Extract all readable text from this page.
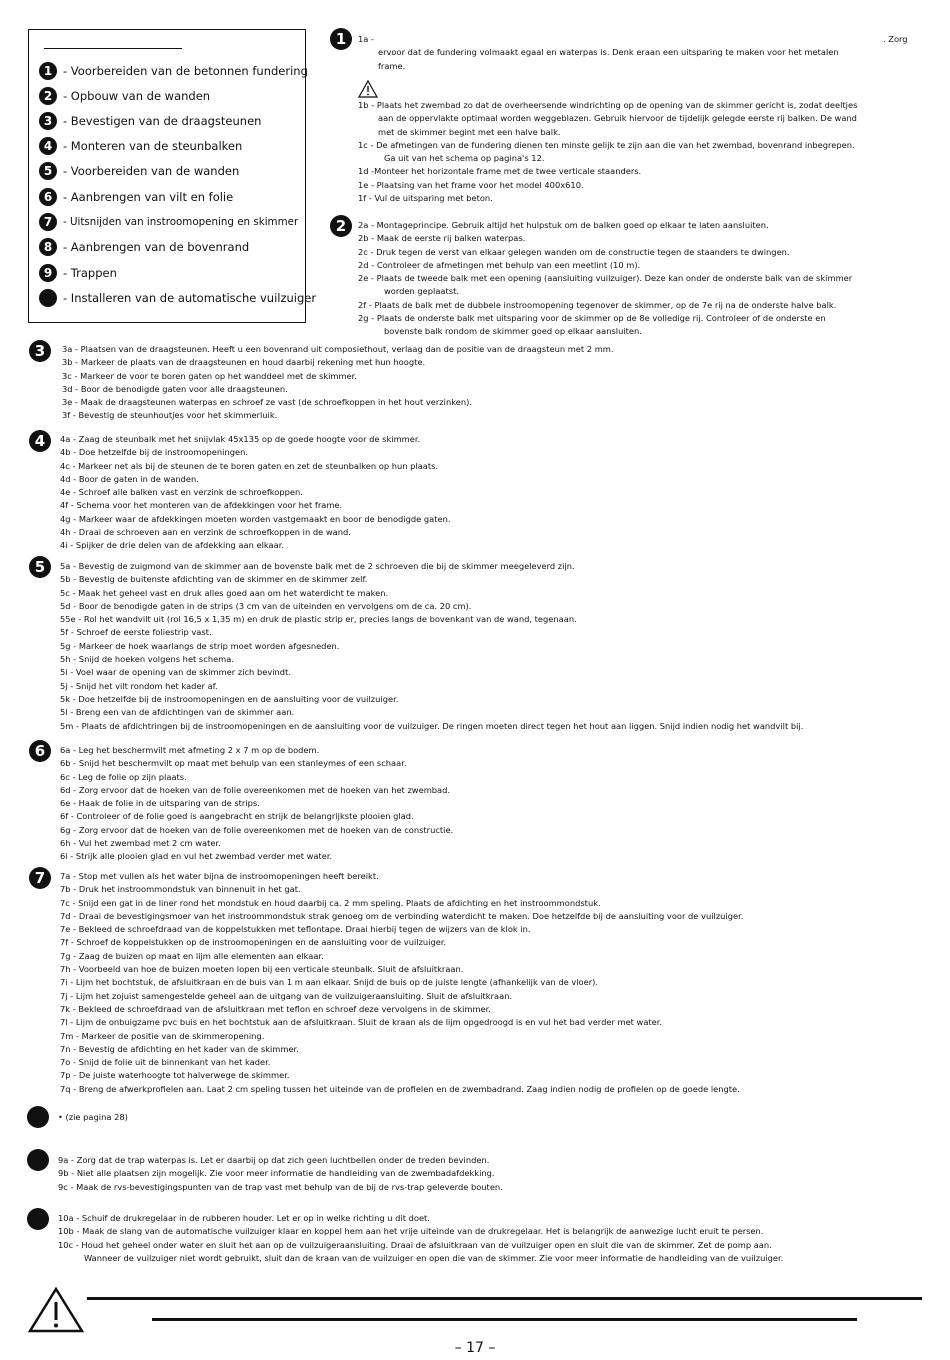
1 - Voorbereiden van de betonnen fundering
2 - Opbouw van de wanden
3 - Bevestigen van de draagsteunen
4 - Monteren van de steunbalken
5 - Voorbereiden van de wanden
6 - Aanbrengen van vilt en folie
7	- Uitsnijden van instroomopening en skimmer
8 - Aanbrengen van de bovenrand
9 - Trappen
- Installeren van de automatische vuilzuiger
1	1a -	. Zorg
ervoor dat de fundering volmaakt egaal en waterpas is. Denk eraan een uitsparing te maken voor het metalen
frame.
1b - Plaats het zwembad zo dat de overheersende windrichting op de opening van de skimmer gericht is, zodat deeltjes
aan de oppervlakte optimaal worden weggeblazen. Gebruik hiervoor de tijdelijk gelegde eerste rij balken. De wand
met de skimmer begint met een halve balk.
1c - De afmetingen van de fundering dienen ten minste gelijk te zijn aan die van het zwembad, bovenrand inbegrepen.
Ga uit van het schema op pagina's 12.
1d -Monteer het horizontale frame met de twee verticale staanders.
1e - Plaatsing van het frame voor het model 400x610.
1f - Vul de uitsparing met beton.
2	2a - Montageprincipe. Gebruik altijd het hulpstuk om de balken goed op elkaar te laten aansluiten.
2b - Maak de eerste rij balken waterpas.
2c - Druk tegen de verst van elkaar gelegen wanden om de constructie tegen de staanders te dwingen.
2d - Controleer de afmetingen met behulp van een meetlint (10 m).
2e - Plaats de tweede balk met een opening (aansluiting vuilzuiger). Deze kan onder de onderste balk van de skimmer
worden geplaatst.
2f - Plaats de balk met de dubbele instroomopening tegenover de skimmer, op de 7e rij na de onderste halve balk.
2g - Plaats de onderste balk met uitsparing voor de skimmer op de 8e volledige rij. Controleer of de onderste en
bovenste balk rondom de skimmer goed op elkaar aansluiten.
3	3a - Plaatsen van de draagsteunen. Heeft u een bovenrand uit composiethout, verlaag dan de positie van de draagsteun met 2 mm.
3b - Markeer de plaats van de draagsteunen en houd daarbij rekening met hun hoogte.
3c - Markeer de voor te boren gaten op het wanddeel met de skimmer.
3d - Boor de benodigde gaten voor alle draagsteunen.
3e - Maak de draagsteunen waterpas en schroef ze vast (de schroefkoppen in het hout verzinken).
3f - Bevestig de steunhoutjes voor het skimmerluik.
4	4a - Zaag de steunbalk met het snijvlak 45x135 op de goede hoogte voor de skimmer.
4b - Doe hetzelfde bij de instroomopeningen.
4c - Markeer net als bij de steunen de te boren gaten en zet de steunbalken op hun plaats.
4d - Boor de gaten in de wanden.
4e - Schroef alle balken vast en verzink de schroefkoppen.
4f - Schema voor het monteren van de afdekkingen voor het frame.
4g - Markeer waar de afdekkingen moeten worden vastgemaakt en boor de benodigde gaten.
4h - Draai de schroeven aan en verzink de schroefkoppen in de wand.
4i - Spijker de drie delen van de afdekking aan elkaar.
5	5a - Bevestig de zuigmond van de skimmer aan de bovenste balk met de 2 schroeven die bij de skimmer meegeleverd zijn.
5b - Bevestig de buitenste afdichting van de skimmer en de skimmer zelf.
5c - Maak het geheel vast en druk alles goed aan om het waterdicht te maken.
5d - Boor de benodigde gaten in de strips (3 cm van de uiteinden en vervolgens om de ca. 20 cm).
55e - Rol het wandvilt uit (rol 16,5 x 1,35 m) en druk de plastic strip er, precies langs de bovenkant van de wand, tegenaan.
5f - Schroef de eerste foliestrip vast.
5g - Markeer de hoek waarlangs de strip moet worden afgesneden.
5h - Snijd de hoeken volgens het schema.
5i - Voel waar de opening van de skimmer zich bevindt.
5j - Snijd het vilt rondom het kader af.
5k - Doe hetzelfde bij de instroomopeningen en de aansluiting voor de vuilzuiger.
5l - Breng een van de afdichtingen van de skimmer aan.
5m - Plaats de afdichtringen bij de instroomopeningen en de aansluiting voor de vuilzuiger. De ringen moeten direct tegen het hout aan liggen. Snijd indien nodig het wandvilt bij.
6	6a - Leg het beschermvilt met afmeting 2 x 7 m op de bodem.
6b - Snijd het beschermvilt op maat met behulp van een stanleymes of een schaar.
6c - Leg de folie op zijn plaats.
6d - Zorg ervoor dat de hoeken van de folie overeenkomen met de hoeken van het zwembad.
6e - Haak de folie in de uitsparing van de strips.
6f - Controleer of de folie goed is aangebracht en strijk de belangrijkste plooien glad.
6g - Zorg ervoor dat de hoeken van de folie overeenkomen met de hoeken van de constructie.
6h - Vul het zwembad met 2 cm water.
6i - Strijk alle plooien glad en vul het zwembad verder met water.
7	7a - Stop met vullen als het water bijna de instroomopeningen heeft bereikt.
7b - Druk het instroommondstuk van binnenuit in het gat.
7c - Snijd een gat in de liner rond het mondstuk en houd daarbij ca. 2 mm speling. Plaats de afdichting en het instroommondstuk.
7d - Draai de bevestigingsmoer van het instroommondstuk strak genoeg om de verbinding waterdicht te maken. Doe hetzelfde bij de aansluiting voor de vuilzuiger.
7e - Bekleed de schroefdraad van de koppelstukken met teflontape. Draai hierbij tegen de wijzers van de klok in.
7f - Schroef de koppelstukken op de instroomopeningen en de aansluiting voor de vuilzuiger.
7g - Zaag de buizen op maat en lijm alle elementen aan elkaar.
7h - Voorbeeld van hoe de buizen moeten lopen bij een verticale steunbalk. Sluit de afsluitkraan.
7i - Lijm het bochtstuk, de afsluitkraan en de buis van 1 m aan elkaar. Snijd de buis op de juiste lengte (afhankelijk van de vloer).
7j - Lijm het zojuist samengestelde geheel aan de uitgang van de vuilzuigeraansluiting. Sluit de afsluitkraan.
7k - Bekleed de schroefdraad van de afsluitkraan met teflon en schroef deze vervolgens in de skimmer.
7l - Lijm de onbuigzame pvc buis en het bochtstuk aan de afsluitkraan. Sluit de kraan als de lijm opgedroogd is en vul het bad verder met water.
7m - Markeer de positie van de skimmeropening.
7n - Bevestig de afdichting en het kader van de skimmer.
7o - Snijd de folie uit de binnenkant van het kader.
7p - De juiste waterhoogte tot halverwege de skimmer.
7q - Breng de afwerkprofielen aan. Laat 2 cm speling tussen het uiteinde van de profielen en de zwembadrand. Zaag indien nodig de profielen op de goede lengte.
• (zie pagina 28)
9a - Zorg dat de trap waterpas is. Let er daarbij op dat zich geen luchtbellen onder de treden bevinden.
9b - Niet alle plaatsen zijn mogelijk. Zie voor meer informatie de handleiding van de zwembadafdekking.
9c - Maak de rvs-bevestigingspunten van de trap vast met behulp van de bij de rvs-trap geleverde bouten.
10a - Schuif de drukregelaar in de rubberen houder. Let er op in welke richting u dit doet.
10b - Maak de slang van de automatische vuilzuiger klaar en koppel hem aan het vrije uiteinde van de drukregelaar. Het is belangrijk de aanwezige lucht eruit te persen.
10c - Houd het geheel onder water en sluit het aan op de vuilzuigeraansluiting. Draai de afsluitkraan van de vuilzuiger open en sluit die van de skimmer. Zet de pomp aan.
Wanneer de vuilzuiger niet wordt gebruikt, sluit dan de kraan van de vuilzuiger en open die van de skimmer. Zie voor meer informatie de handleiding van de vuilzuiger.
– 17 –
